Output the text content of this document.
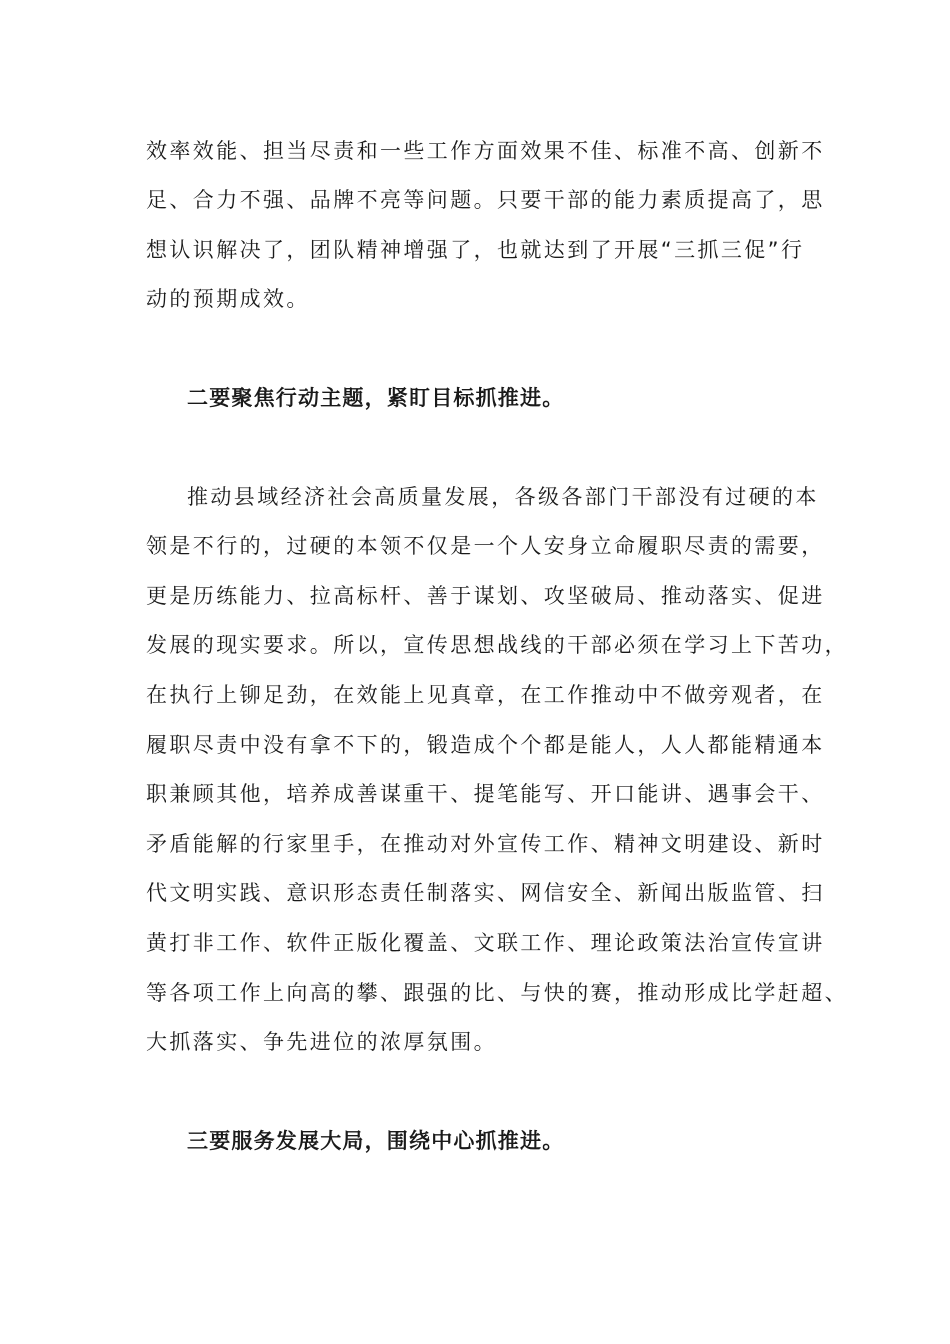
效率效能、担当尽责和一些工作方面效果不佳、标准不高、创新不
足、合力不强、品牌不亮等问题。只要干部的能力素质提高了，思
想认识解决了，团队精神增强了，也就达到了开展“三抓三促”行
动的预期成效。
二要聚焦行动主题，紧盯目标抓推进。
推动县域经济社会高质量发展，各级各部门干部没有过硬的本
领是不行的，过硬的本领不仅是一个人安身立命履职尽责的需要，
更是历练能力、拉高标杆、善于谋划、攻坚破局、推动落实、促进
发展的现实要求。所以，宣传思想战线的干部必须在学习上下苦功，
在执行上铆足劲，在效能上见真章，在工作推动中不做旁观者，在
履职尽责中没有拿不下的，锻造成个个都是能人，人人都能精通本
职兼顾其他，培养成善谋重干、提笔能写、开口能讲、遇事会干、
矛盾能解的行家里手，在推动对外宣传工作、精神文明建设、新时
代文明实践、意识形态责任制落实、网信安全、新闻出版监管、扫
黄打非工作、软件正版化覆盖、文联工作、理论政策法治宣传宣讲
等各项工作上向高的攀、跟强的比、与快的赛，推动形成比学赶超、
大抓落实、争先进位的浓厚氛围。
三要服务发展大局，围绕中心抓推进。
